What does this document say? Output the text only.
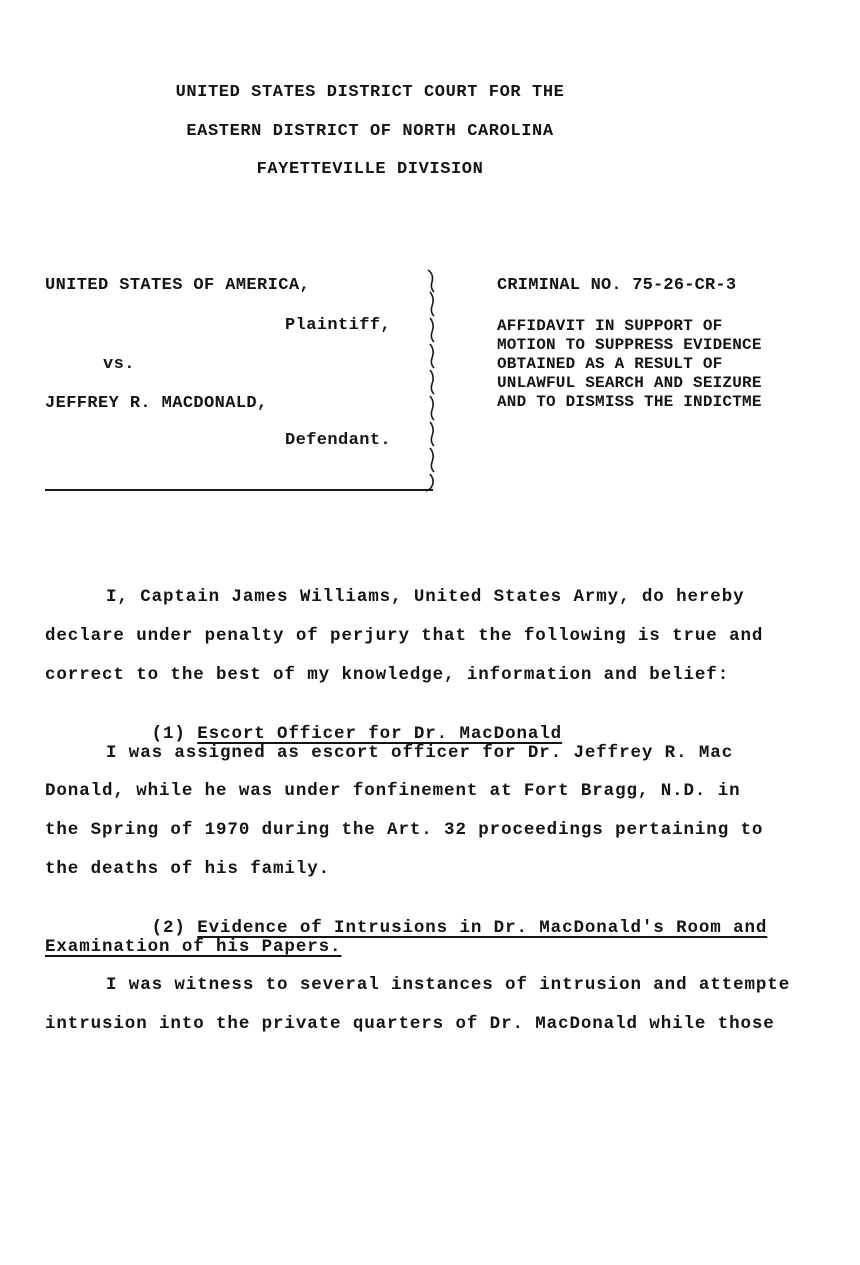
UNITED STATES DISTRICT COURT FOR THE
EASTERN DISTRICT OF NORTH CAROLINA
FAYETTEVILLE DIVISION
UNITED STATES OF AMERICA,
Plaintiff,
vs.
JEFFREY R. MACDONALD,
Defendant.
CRIMINAL NO. 75-26-CR-3
AFFIDAVIT IN SUPPORT OF
MOTION TO SUPPRESS EVIDENCE
OBTAINED AS A RESULT OF
UNLAWFUL SEARCH AND SEIZURE
AND TO DISMISS THE INDICTME
I, Captain James Williams, United States Army, do hereby
declare under penalty of perjury that the following is true and
correct to the best of my knowledge, information and belief:

(1) Escort Officer for Dr. MacDonald

I was assigned as escort officer for Dr. Jeffrey R. Mac
Donald, while he was under fonfinement at Fort Bragg, N.D. in
the Spring of 1970 during the Art. 32 proceedings pertaining to
the deaths of his family.

(2) Evidence of Intrusions in Dr. MacDonald's Room and

Examination of his Papers.
I was witness to several instances of intrusion and attempte
intrusion into the private quarters of Dr. MacDonald while those
